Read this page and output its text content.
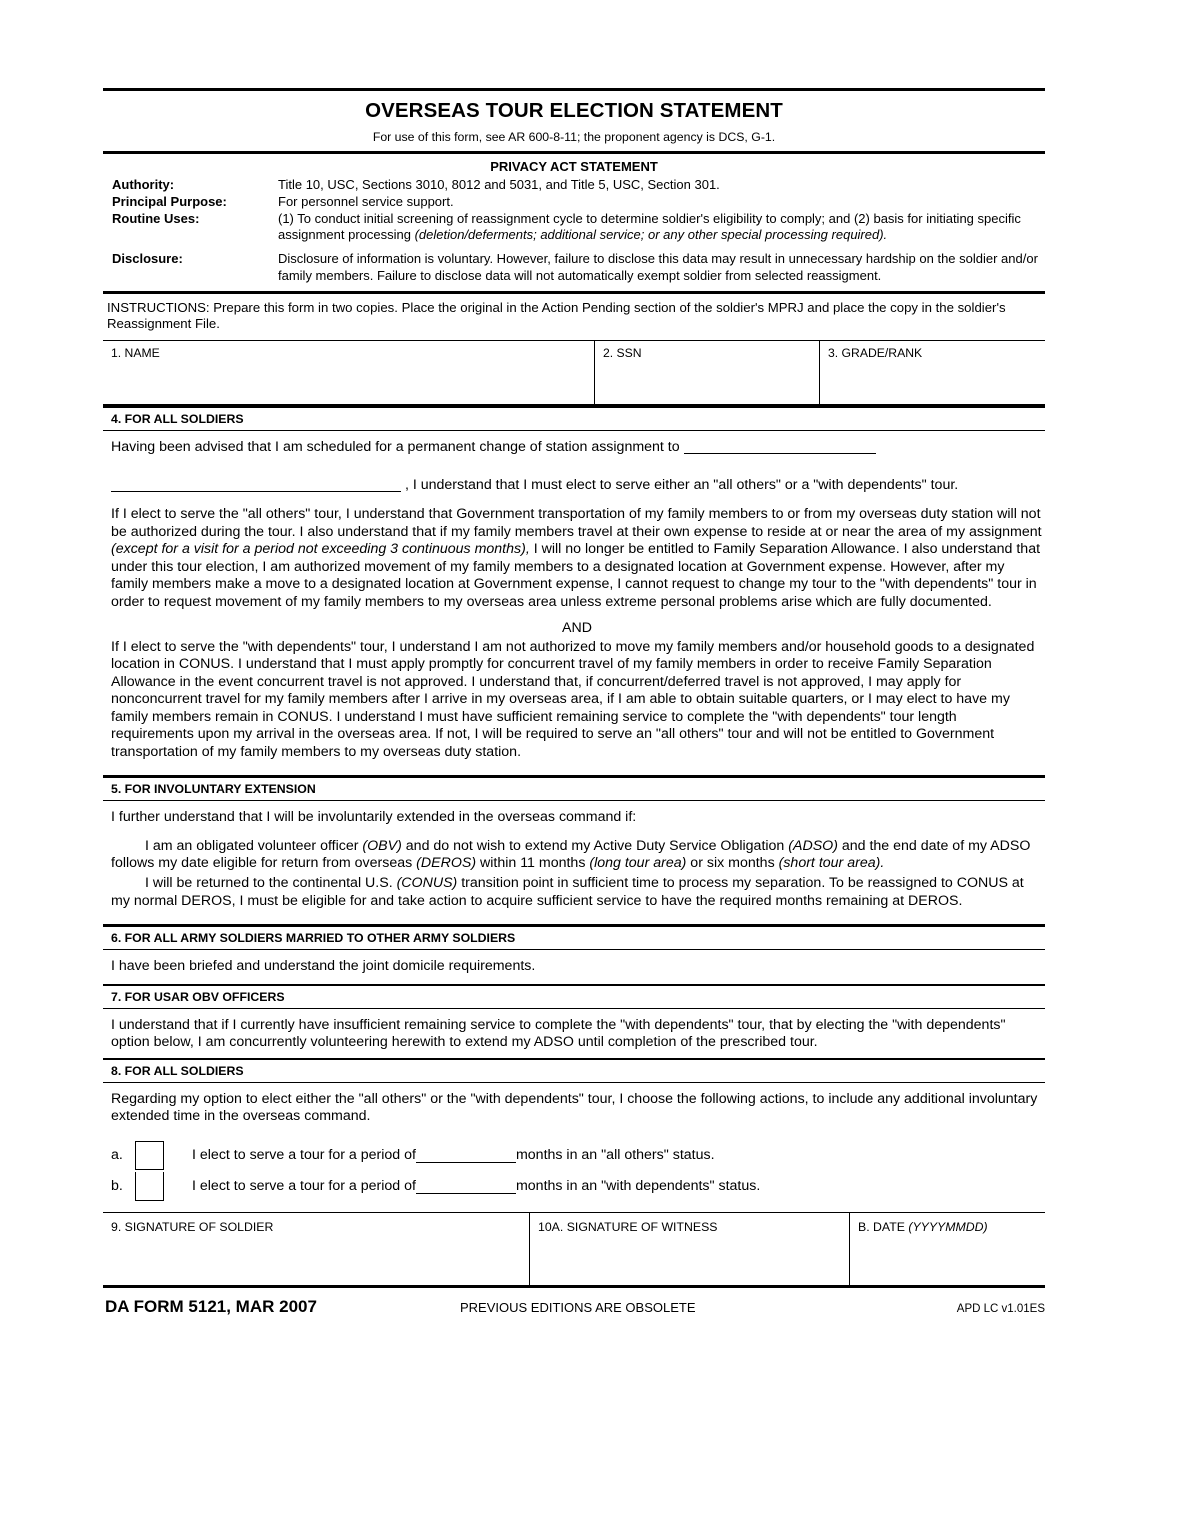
OVERSEAS TOUR ELECTION STATEMENT
For use of this form, see AR 600-8-11; the proponent agency is DCS, G-1.
PRIVACY ACT STATEMENT
Authority:	Title 10, USC, Sections 3010, 8012 and 5031, and Title 5, USC, Section 301.
Principal Purpose:	For personnel service support.
Routine Uses:	(1) To conduct initial screening of reassignment cycle to determine soldier's eligibility to comply; and (2) basis for initiating specific assignment processing (deletion/deferments; additional service; or any other special processing required).
Disclosure:	Disclosure of information is voluntary. However, failure to disclose this data may result in unnecessary hardship on the soldier and/or family members. Failure to disclose data will not automatically exempt soldier from selected reassigment.
INSTRUCTIONS: Prepare this form in two copies. Place the original in the Action Pending section of the soldier's MPRJ and place the copy in the soldier's Reassignment File.
1. NAME	2. SSN	3. GRADE/RANK
4. FOR ALL SOLDIERS
Having been advised that I am scheduled for a permanent change of station assignment to
, I understand that I must elect to serve either an "all others" or a "with dependents" tour.
If I elect to serve the "all others" tour, I understand that Government transportation of my family members to or from my overseas duty station will not be authorized during the tour. I also understand that if my family members travel at their own expense to reside at or near the area of my assignment (except for a visit for a period not exceeding 3 continuous months), I will no longer be entitled to Family Separation Allowance. I also understand that under this tour election, I am authorized movement of my family members to a designated location at Government expense. However, after my family members make a move to a designated location at Government expense, I cannot request to change my tour to the "with dependents" tour in order to request movement of my family members to my overseas area unless extreme personal problems arise which are fully documented.
AND
If I elect to serve the "with dependents" tour, I understand I am not authorized to move my family members and/or household goods to a designated location in CONUS. I understand that I must apply promptly for concurrent travel of my family members in order to receive Family Separation Allowance in the event concurrent travel is not approved. I understand that, if concurrent/deferred travel is not approved, I may apply for nonconcurrent travel for my family members after I arrive in my overseas area, if I am able to obtain suitable quarters, or I may elect to have my family members remain in CONUS. I understand I must have sufficient remaining service to complete the "with dependents" tour length requirements upon my arrival in the overseas area. If not, I will be required to serve an "all others" tour and will not be entitled to Government transportation of my family members to my overseas duty station.
5. FOR INVOLUNTARY EXTENSION
I further understand that I will be involuntarily extended in the overseas command if:
I am an obligated volunteer officer (OBV) and do not wish to extend my Active Duty Service Obligation (ADSO) and the end date of my ADSO follows my date eligible for return from overseas (DEROS) within 11 months (long tour area) or six months (short tour area).
I will be returned to the continental U.S. (CONUS) transition point in sufficient time to process my separation. To be reassigned to CONUS at my normal DEROS, I must be eligible for and take action to acquire sufficient service to have the required months remaining at DEROS.
6. FOR ALL ARMY SOLDIERS MARRIED TO OTHER ARMY SOLDIERS
I have been briefed and understand the joint domicile requirements.
7. FOR USAR OBV OFFICERS
I understand that if I currently have insufficient remaining service to complete the "with dependents" tour, that by electing the "with dependents" option below, I am concurrently volunteering herewith to extend my ADSO until completion of the prescribed tour.
8. FOR ALL SOLDIERS
Regarding my option to elect either the "all others" or the "with dependents" tour, I choose the following actions, to include any additional involuntary extended time in the overseas command.
a.	I elect to serve a tour for a period of	months in an "all others" status.
b.	I elect to serve a tour for a period of	months in an "with dependents" status.
9. SIGNATURE OF SOLDIER	10A. SIGNATURE OF WITNESS	B. DATE (YYYYMMDD)
DA FORM 5121, MAR 2007	PREVIOUS EDITIONS ARE OBSOLETE	APD LC v1.01ES
